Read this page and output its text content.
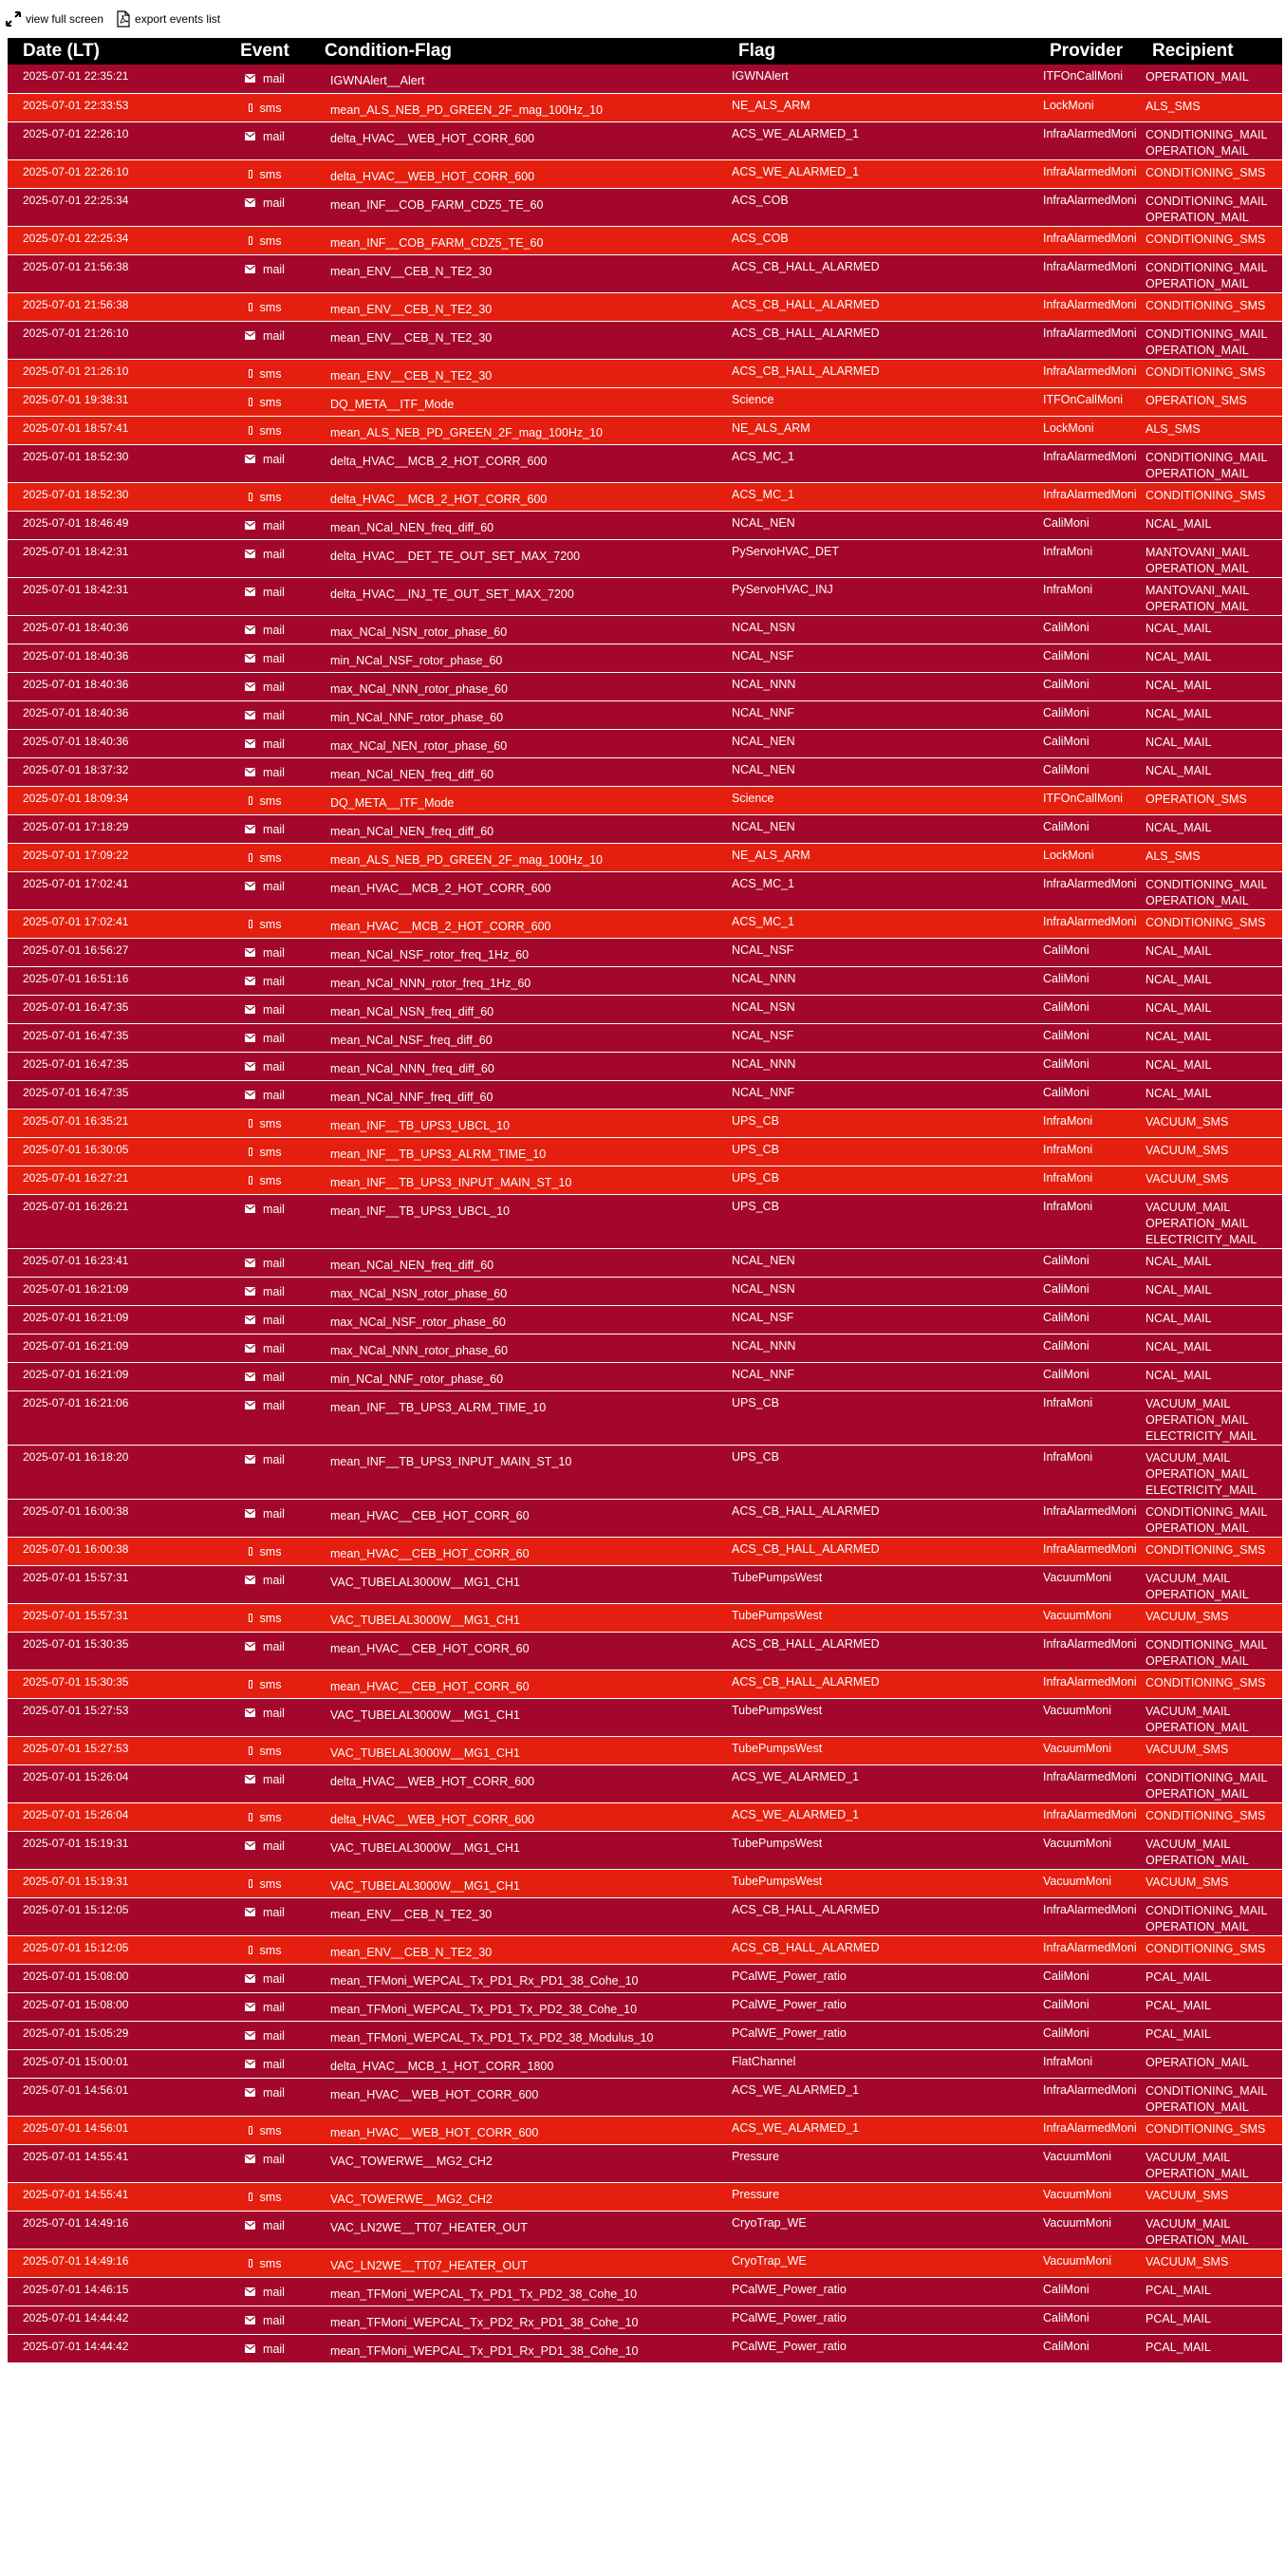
view full screen	export events list
Date (LT)	Event	Condition-Flag	Flag	Provider	Recipient
2025-07-01 22:35:21	mail	IGWNAlert__Alert	IGWNAlert	ITFOnCallMoni	OPERATION_MAIL

2025-07-01 22:33:53	sms	mean_ALS_NEB_PD_GREEN_2F_mag_100Hz_10	NE_ALS_ARM	LockMoni	ALS_SMS

2025-07-01 22:26:10	mail	delta_HVAC__WEB_HOT_CORR_600	ACS_WE_ALARMED_1	InfraAlarmedMoni	CONDITIONING_MAIL
OPERATION_MAIL

2025-07-01 22:26:10	sms	delta_HVAC__WEB_HOT_CORR_600	ACS_WE_ALARMED_1	InfraAlarmedMoni	CONDITIONING_SMS

2025-07-01 22:25:34	mail	mean_INF__COB_FARM_CDZ5_TE_60	ACS_COB	InfraAlarmedMoni	CONDITIONING_MAIL
OPERATION_MAIL

2025-07-01 22:25:34	sms	mean_INF__COB_FARM_CDZ5_TE_60	ACS_COB	InfraAlarmedMoni	CONDITIONING_SMS

2025-07-01 21:56:38	mail	mean_ENV__CEB_N_TE2_30	ACS_CB_HALL_ALARMED	InfraAlarmedMoni	CONDITIONING_MAIL
OPERATION_MAIL

2025-07-01 21:56:38	sms	mean_ENV__CEB_N_TE2_30	ACS_CB_HALL_ALARMED	InfraAlarmedMoni	CONDITIONING_SMS

2025-07-01 21:26:10	mail	mean_ENV__CEB_N_TE2_30	ACS_CB_HALL_ALARMED	InfraAlarmedMoni	CONDITIONING_MAIL
OPERATION_MAIL

2025-07-01 21:26:10	sms	mean_ENV__CEB_N_TE2_30	ACS_CB_HALL_ALARMED	InfraAlarmedMoni	CONDITIONING_SMS

2025-07-01 19:38:31	sms	DQ_META__ITF_Mode	Science	ITFOnCallMoni	OPERATION_SMS

2025-07-01 18:57:41	sms	mean_ALS_NEB_PD_GREEN_2F_mag_100Hz_10	NE_ALS_ARM	LockMoni	ALS_SMS

2025-07-01 18:52:30	mail	delta_HVAC__MCB_2_HOT_CORR_600	ACS_MC_1	InfraAlarmedMoni	CONDITIONING_MAIL
OPERATION_MAIL

2025-07-01 18:52:30	sms	delta_HVAC__MCB_2_HOT_CORR_600	ACS_MC_1	InfraAlarmedMoni	CONDITIONING_SMS

2025-07-01 18:46:49	mail	mean_NCal_NEN_freq_diff_60	NCAL_NEN	CaliMoni	NCAL_MAIL

2025-07-01 18:42:31	mail	delta_HVAC__DET_TE_OUT_SET_MAX_7200	PyServoHVAC_DET	InfraMoni	MANTOVANI_MAIL
OPERATION_MAIL

2025-07-01 18:42:31	mail	delta_HVAC__INJ_TE_OUT_SET_MAX_7200	PyServoHVAC_INJ	InfraMoni	MANTOVANI_MAIL
OPERATION_MAIL

2025-07-01 18:40:36	mail	max_NCal_NSN_rotor_phase_60	NCAL_NSN	CaliMoni	NCAL_MAIL

2025-07-01 18:40:36	mail	min_NCal_NSF_rotor_phase_60	NCAL_NSF	CaliMoni	NCAL_MAIL

2025-07-01 18:40:36	mail	max_NCal_NNN_rotor_phase_60	NCAL_NNN	CaliMoni	NCAL_MAIL

2025-07-01 18:40:36	mail	min_NCal_NNF_rotor_phase_60	NCAL_NNF	CaliMoni	NCAL_MAIL

2025-07-01 18:40:36	mail	max_NCal_NEN_rotor_phase_60	NCAL_NEN	CaliMoni	NCAL_MAIL

2025-07-01 18:37:32	mail	mean_NCal_NEN_freq_diff_60	NCAL_NEN	CaliMoni	NCAL_MAIL

2025-07-01 18:09:34	sms	DQ_META__ITF_Mode	Science	ITFOnCallMoni	OPERATION_SMS

2025-07-01 17:18:29	mail	mean_NCal_NEN_freq_diff_60	NCAL_NEN	CaliMoni	NCAL_MAIL

2025-07-01 17:09:22	sms	mean_ALS_NEB_PD_GREEN_2F_mag_100Hz_10	NE_ALS_ARM	LockMoni	ALS_SMS

2025-07-01 17:02:41	mail	mean_HVAC__MCB_2_HOT_CORR_600	ACS_MC_1	InfraAlarmedMoni	CONDITIONING_MAIL
OPERATION_MAIL

2025-07-01 17:02:41	sms	mean_HVAC__MCB_2_HOT_CORR_600	ACS_MC_1	InfraAlarmedMoni	CONDITIONING_SMS

2025-07-01 16:56:27	mail	mean_NCal_NSF_rotor_freq_1Hz_60	NCAL_NSF	CaliMoni	NCAL_MAIL

2025-07-01 16:51:16	mail	mean_NCal_NNN_rotor_freq_1Hz_60	NCAL_NNN	CaliMoni	NCAL_MAIL

2025-07-01 16:47:35	mail	mean_NCal_NSN_freq_diff_60	NCAL_NSN	CaliMoni	NCAL_MAIL

2025-07-01 16:47:35	mail	mean_NCal_NSF_freq_diff_60	NCAL_NSF	CaliMoni	NCAL_MAIL

2025-07-01 16:47:35	mail	mean_NCal_NNN_freq_diff_60	NCAL_NNN	CaliMoni	NCAL_MAIL

2025-07-01 16:47:35	mail	mean_NCal_NNF_freq_diff_60	NCAL_NNF	CaliMoni	NCAL_MAIL

2025-07-01 16:35:21	sms	mean_INF__TB_UPS3_UBCL_10	UPS_CB	InfraMoni	VACUUM_SMS

2025-07-01 16:30:05	sms	mean_INF__TB_UPS3_ALRM_TIME_10	UPS_CB	InfraMoni	VACUUM_SMS

2025-07-01 16:27:21	sms	mean_INF__TB_UPS3_INPUT_MAIN_ST_10	UPS_CB	InfraMoni	VACUUM_SMS

2025-07-01 16:26:21	mail	mean_INF__TB_UPS3_UBCL_10	UPS_CB	InfraMoni	VACUUM_MAIL
OPERATION_MAIL
ELECTRICITY_MAIL

2025-07-01 16:23:41	mail	mean_NCal_NEN_freq_diff_60	NCAL_NEN	CaliMoni	NCAL_MAIL

2025-07-01 16:21:09	mail	max_NCal_NSN_rotor_phase_60	NCAL_NSN	CaliMoni	NCAL_MAIL

2025-07-01 16:21:09	mail	max_NCal_NSF_rotor_phase_60	NCAL_NSF	CaliMoni	NCAL_MAIL

2025-07-01 16:21:09	mail	max_NCal_NNN_rotor_phase_60	NCAL_NNN	CaliMoni	NCAL_MAIL

2025-07-01 16:21:09	mail	min_NCal_NNF_rotor_phase_60	NCAL_NNF	CaliMoni	NCAL_MAIL

2025-07-01 16:21:06	mail	mean_INF__TB_UPS3_ALRM_TIME_10	UPS_CB	InfraMoni	VACUUM_MAIL
OPERATION_MAIL
ELECTRICITY_MAIL

2025-07-01 16:18:20	mail	mean_INF__TB_UPS3_INPUT_MAIN_ST_10	UPS_CB	InfraMoni	VACUUM_MAIL
OPERATION_MAIL
ELECTRICITY_MAIL

2025-07-01 16:00:38	mail	mean_HVAC__CEB_HOT_CORR_60	ACS_CB_HALL_ALARMED	InfraAlarmedMoni	CONDITIONING_MAIL
OPERATION_MAIL

2025-07-01 16:00:38	sms	mean_HVAC__CEB_HOT_CORR_60	ACS_CB_HALL_ALARMED	InfraAlarmedMoni	CONDITIONING_SMS

2025-07-01 15:57:31	mail	VAC_TUBELAL3000W__MG1_CH1	TubePumpsWest	VacuumMoni	VACUUM_MAIL
OPERATION_MAIL

2025-07-01 15:57:31	sms	VAC_TUBELAL3000W__MG1_CH1	TubePumpsWest	VacuumMoni	VACUUM_SMS

2025-07-01 15:30:35	mail	mean_HVAC__CEB_HOT_CORR_60	ACS_CB_HALL_ALARMED	InfraAlarmedMoni	CONDITIONING_MAIL
OPERATION_MAIL

2025-07-01 15:30:35	sms	mean_HVAC__CEB_HOT_CORR_60	ACS_CB_HALL_ALARMED	InfraAlarmedMoni	CONDITIONING_SMS

2025-07-01 15:27:53	mail	VAC_TUBELAL3000W__MG1_CH1	TubePumpsWest	VacuumMoni	VACUUM_MAIL
OPERATION_MAIL

2025-07-01 15:27:53	sms	VAC_TUBELAL3000W__MG1_CH1	TubePumpsWest	VacuumMoni	VACUUM_SMS

2025-07-01 15:26:04	mail	delta_HVAC__WEB_HOT_CORR_600	ACS_WE_ALARMED_1	InfraAlarmedMoni	CONDITIONING_MAIL
OPERATION_MAIL

2025-07-01 15:26:04	sms	delta_HVAC__WEB_HOT_CORR_600	ACS_WE_ALARMED_1	InfraAlarmedMoni	CONDITIONING_SMS

2025-07-01 15:19:31	mail	VAC_TUBELAL3000W__MG1_CH1	TubePumpsWest	VacuumMoni	VACUUM_MAIL
OPERATION_MAIL

2025-07-01 15:19:31	sms	VAC_TUBELAL3000W__MG1_CH1	TubePumpsWest	VacuumMoni	VACUUM_SMS

2025-07-01 15:12:05	mail	mean_ENV__CEB_N_TE2_30	ACS_CB_HALL_ALARMED	InfraAlarmedMoni	CONDITIONING_MAIL
OPERATION_MAIL

2025-07-01 15:12:05	sms	mean_ENV__CEB_N_TE2_30	ACS_CB_HALL_ALARMED	InfraAlarmedMoni	CONDITIONING_SMS

2025-07-01 15:08:00	mail	mean_TFMoni_WEPCAL_Tx_PD1_Rx_PD1_38_Cohe_10	PCalWE_Power_ratio	CaliMoni	PCAL_MAIL

2025-07-01 15:08:00	mail	mean_TFMoni_WEPCAL_Tx_PD1_Tx_PD2_38_Cohe_10	PCalWE_Power_ratio	CaliMoni	PCAL_MAIL

2025-07-01 15:05:29	mail	mean_TFMoni_WEPCAL_Tx_PD1_Tx_PD2_38_Modulus_10	PCalWE_Power_ratio	CaliMoni	PCAL_MAIL

2025-07-01 15:00:01	mail	delta_HVAC__MCB_1_HOT_CORR_1800	FlatChannel	InfraMoni	OPERATION_MAIL

2025-07-01 14:56:01	mail	mean_HVAC__WEB_HOT_CORR_600	ACS_WE_ALARMED_1	InfraAlarmedMoni	CONDITIONING_MAIL
OPERATION_MAIL

2025-07-01 14:56:01	sms	mean_HVAC__WEB_HOT_CORR_600	ACS_WE_ALARMED_1	InfraAlarmedMoni	CONDITIONING_SMS

2025-07-01 14:55:41	mail	VAC_TOWERWE__MG2_CH2	Pressure	VacuumMoni	VACUUM_MAIL
OPERATION_MAIL

2025-07-01 14:55:41	sms	VAC_TOWERWE__MG2_CH2	Pressure	VacuumMoni	VACUUM_SMS

2025-07-01 14:49:16	mail	VAC_LN2WE__TT07_HEATER_OUT	CryoTrap_WE	VacuumMoni	VACUUM_MAIL
OPERATION_MAIL

2025-07-01 14:49:16	sms	VAC_LN2WE__TT07_HEATER_OUT	CryoTrap_WE	VacuumMoni	VACUUM_SMS

2025-07-01 14:46:15	mail	mean_TFMoni_WEPCAL_Tx_PD1_Tx_PD2_38_Cohe_10	PCalWE_Power_ratio	CaliMoni	PCAL_MAIL

2025-07-01 14:44:42	mail	mean_TFMoni_WEPCAL_Tx_PD2_Rx_PD1_38_Cohe_10	PCalWE_Power_ratio	CaliMoni	PCAL_MAIL

2025-07-01 14:44:42	mail	mean_TFMoni_WEPCAL_Tx_PD1_Rx_PD1_38_Cohe_10	PCalWE_Power_ratio	CaliMoni	PCAL_MAIL
